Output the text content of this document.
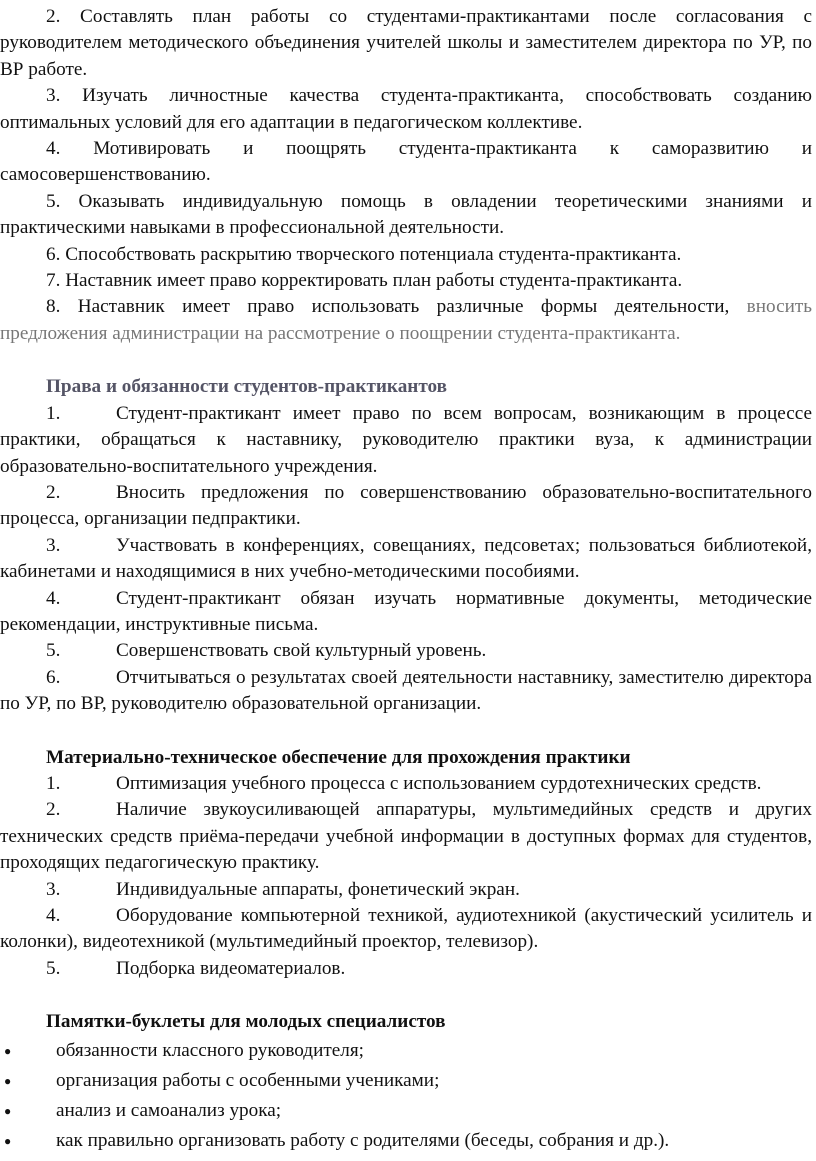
2. Составлять план работы со студентами-практикантами после согласования с руководителем методического объединения учителей школы и заместителем директора по УР, по ВР работе.

3. Изучать личностные качества студента-практиканта, способствовать созданию оптимальных условий для его адаптации в педагогическом коллективе.

4. Мотивировать и поощрять студента-практиканта к саморазвитию и самосовершенствованию.

5. Оказывать индивидуальную помощь в овладении теоретическими знаниями и практическими навыками в профессиональной деятельности.

6. Способствовать раскрытию творческого потенциала студента-практиканта.

7. Наставник имеет право корректировать план работы студента-практиканта.

8. Наставник имеет право использовать различные формы деятельности, вносить предложения администрации на рассмотрение о поощрении студента-практиканта.

Права и обязанности студентов-практикантов

1.	Студент-практикант имеет право по всем вопросам, возникающим в процессе практики, обращаться к наставнику, руководителю практики вуза, к администрации образовательно-воспитательного учреждения.

2.	Вносить предложения по совершенствованию образовательно-воспитательного процесса, организации педпрактики.

3.	Участвовать в конференциях, совещаниях, педсоветах; пользоваться библиотекой, кабинетами и находящимися в них учебно-методическими пособиями.

4.	Студент-практикант обязан изучать нормативные документы, методические рекомендации, инструктивные письма.

5.	Совершенствовать свой культурный уровень.

6.	Отчитываться о результатах своей деятельности наставнику, заместителю директора по УР, по ВР, руководителю образовательной организации.

Материально-техническое обеспечение для прохождения практики

1.	Оптимизация учебного процесса с использованием сурдотехнических средств.

2.	Наличие звукоусиливающей аппаратуры, мультимедийных средств и других технических средств приёма-передачи учебной информации в доступных формах для студентов, проходящих педагогическую практику.

3.	Индивидуальные аппараты, фонетический экран.

4.	Оборудование компьютерной техникой, аудиотехникой (акустический усилитель и колонки), видеотехникой (мультимедийный проектор, телевизор).

5.	Подборка видеоматериалов.

Памятки-буклеты для молодых специалистов
● обязанности классного руководителя;
● организация работы с особенными учениками;
● анализ и самоанализ урока;
● как правильно организовать работу с родителями (беседы, собрания и др.).
